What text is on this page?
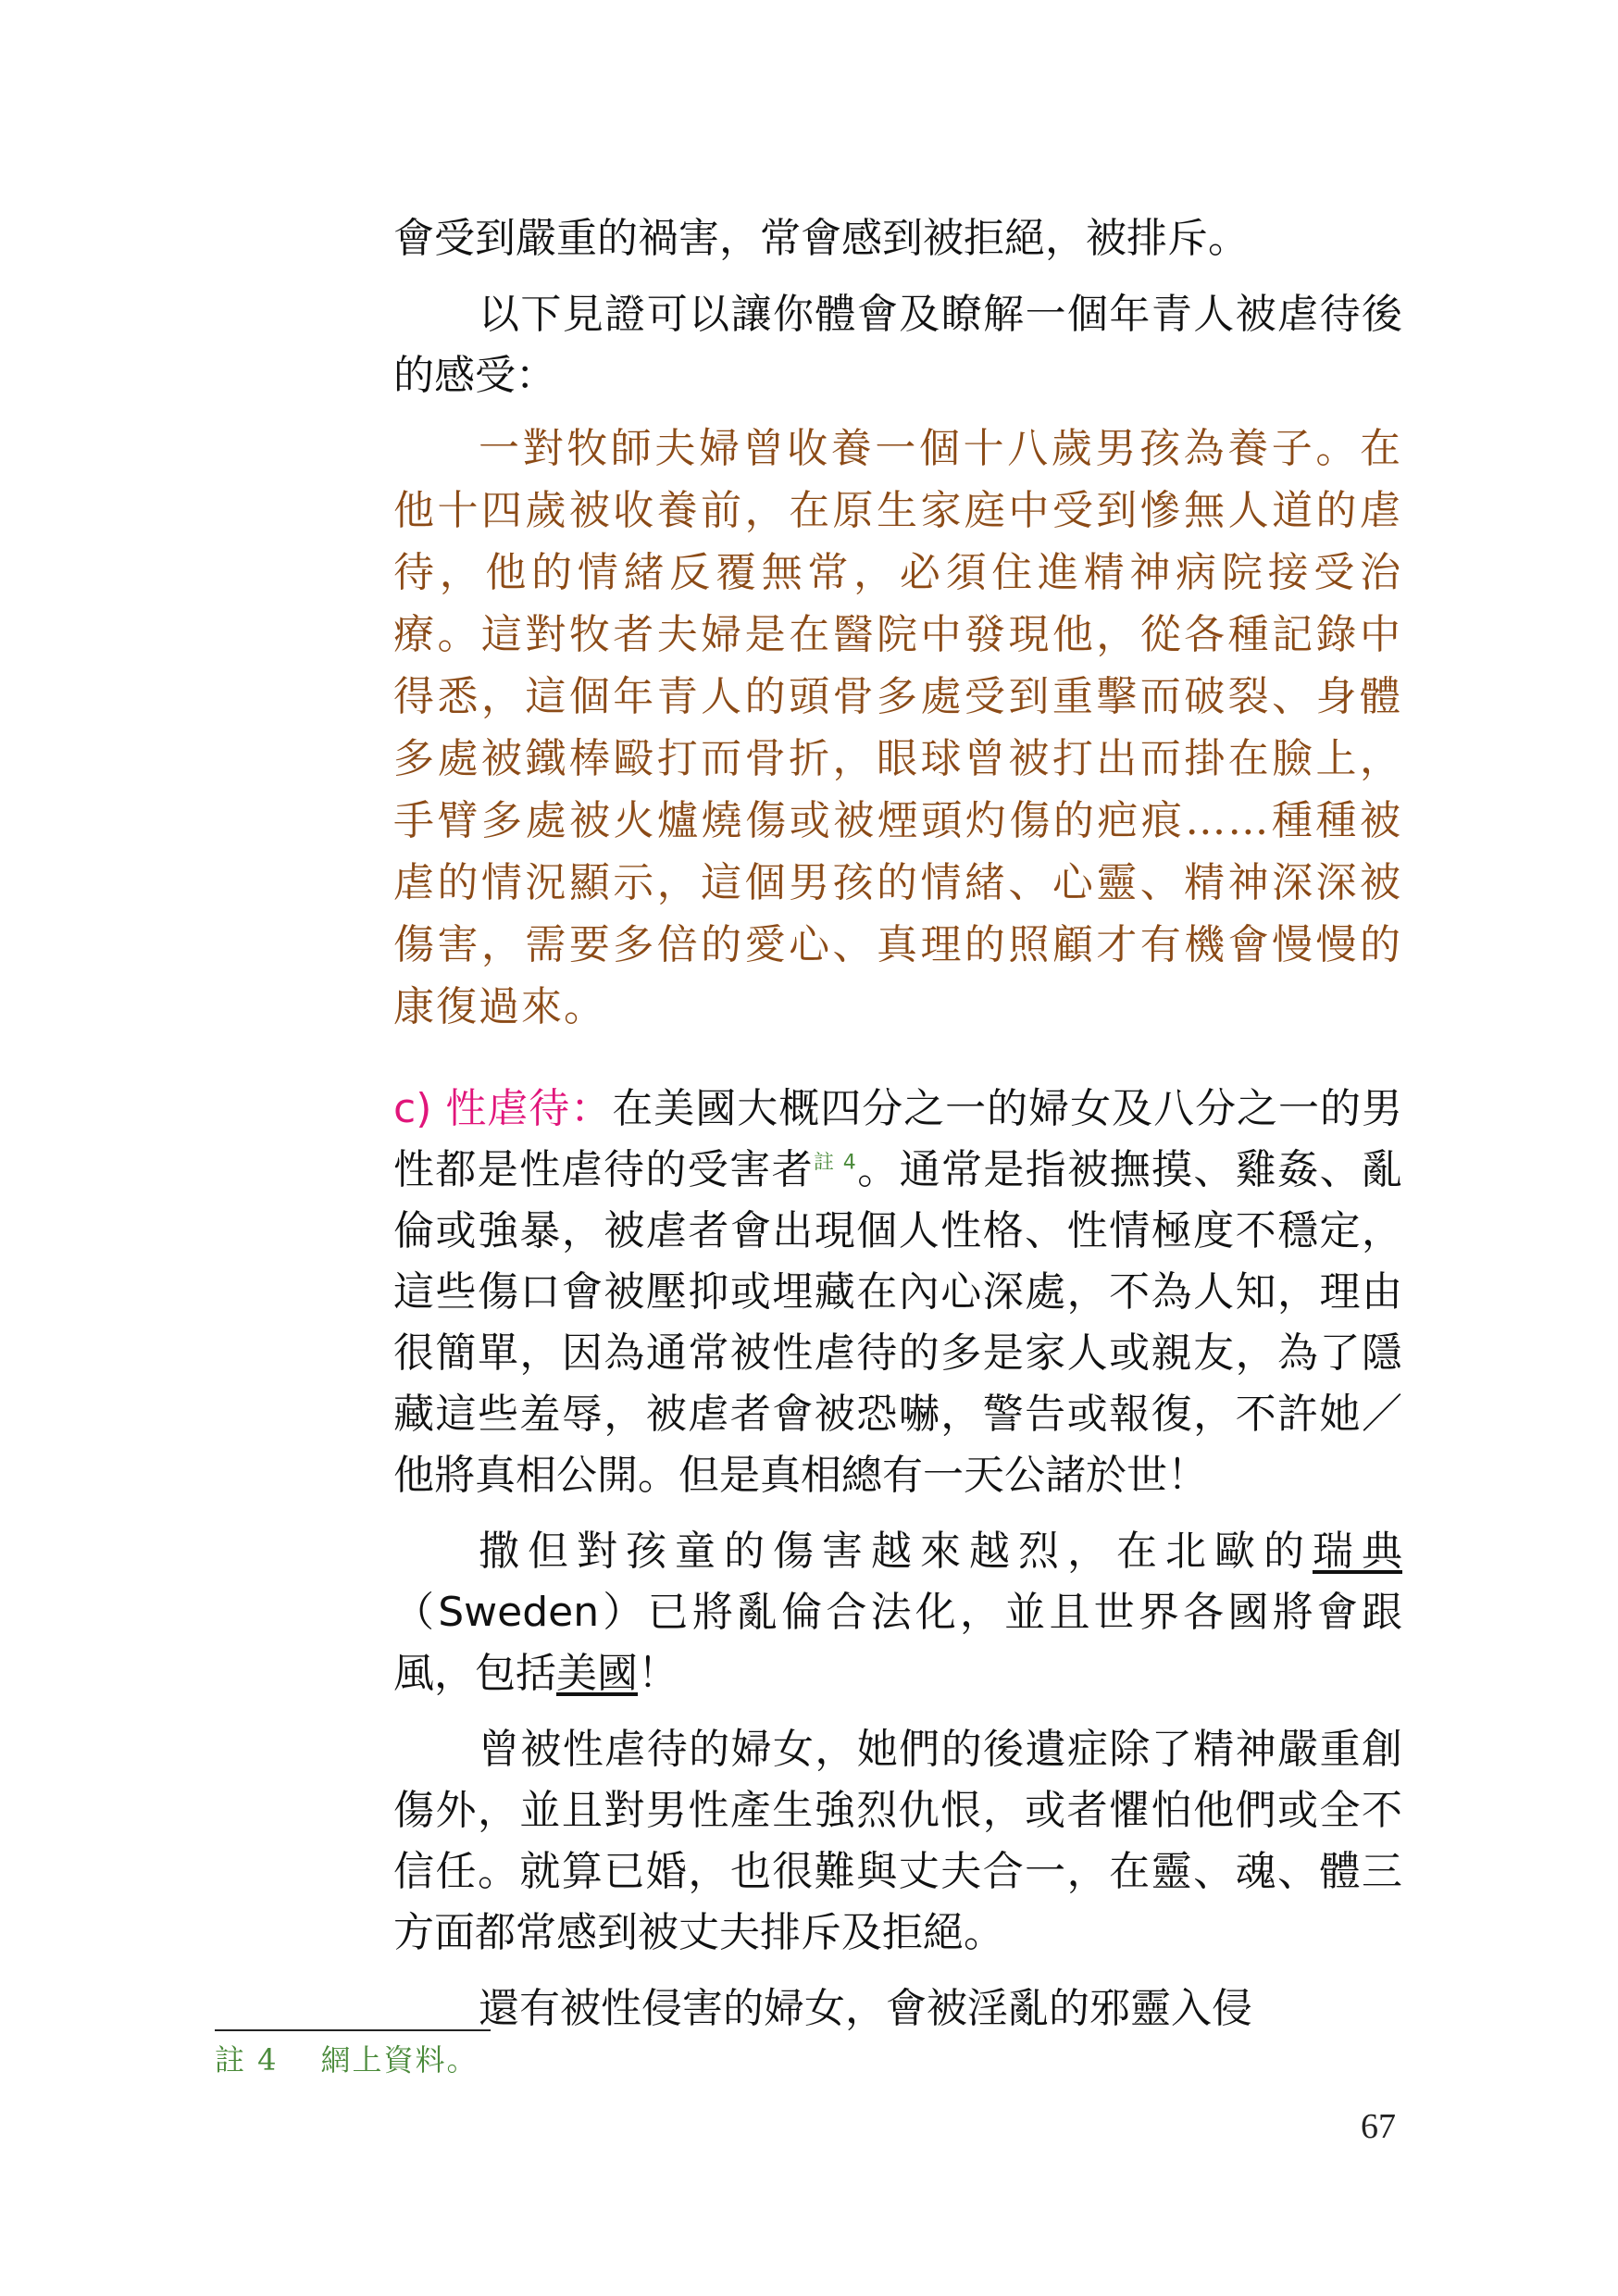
會受到嚴重的禍害，常會感到被拒絕，被排斥。

以下見證可以讓你體會及瞭解一個年青人被虐待後的感受：

一對牧師夫婦曾收養一個十八歲男孩為養子。在他十四歲被收養前，在原生家庭中受到慘無人道的虐待，他的情緒反覆無常，必須住進精神病院接受治療。這對牧者夫婦是在醫院中發現他，從各種記錄中得悉，這個年青人的頭骨多處受到重擊而破裂、身體多處被鐵棒毆打而骨折，眼球曾被打出而掛在臉上，手臂多處被火爐燒傷或被煙頭灼傷的疤痕……種種被虐的情況顯示，這個男孩的情緒、心靈、精神深深被傷害，需要多倍的愛心、真理的照顧才有機會慢慢的康復過來。

c) 性虐待：在美國大概四分之一的婦女及八分之一的男性都是性虐待的受害者$^{註 4}$。通常是指被撫摸、雞姦、亂倫或強暴，被虐者會出現個人性格、性情極度不穩定，這些傷口會被壓抑或埋藏在內心深處，不為人知，理由很簡單，因為通常被性虐待的多是家人或親友，為了隱藏這些羞辱，被虐者會被恐嚇，警告或報復，不許她／他將真相公開。但是真相總有一天公諸於世！

撒但對孩童的傷害越來越烈，在北歐的瑞典（Sweden）已將亂倫合法化，並且世界各國將會跟風，包括美國！

曾被性虐待的婦女，她們的後遺症除了精神嚴重創傷外，並且對男性產生強烈仇恨，或者懼怕他們或全不信任。就算已婚，也很難與丈夫合一，在靈、魂、體三方面都常感到被丈夫排斥及拒絕。

還有被性侵害的婦女，會被淫亂的邪靈入侵

註 4 網上資料。
67
